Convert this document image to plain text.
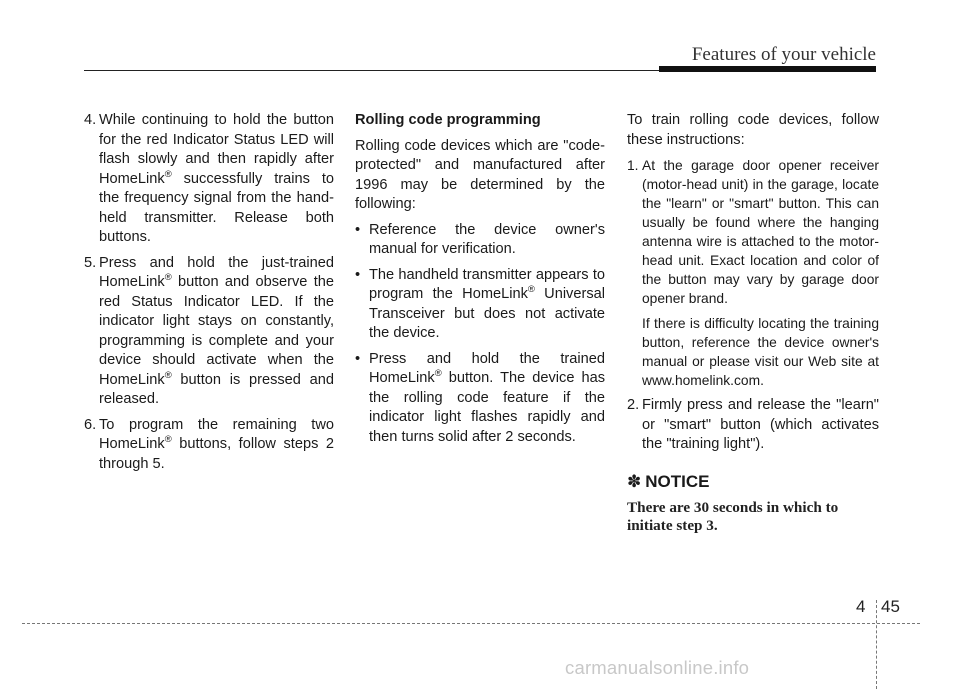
Features of your vehicle
4. While continuing to hold the button for the red Indicator Status LED will flash slowly and then rapidly after HomeLink® successfully trains to the frequency signal from the hand-held transmitter. Release both buttons.
5. Press and hold the just-trained HomeLink® button and observe the red Status Indicator LED. If the indicator light stays on constantly, programming is complete and your device should activate when the HomeLink® button is pressed and released.
6. To program the remaining two HomeLink® buttons, follow steps 2 through 5.
Rolling code programming
Rolling code devices which are "code-protected" and manufactured after 1996 may be determined by the following:
• Reference the device owner's manual for verification.
• The handheld transmitter appears to program the HomeLink® Universal Transceiver but does not activate the device.
• Press and hold the trained HomeLink® button. The device has the rolling code feature if the indicator light flashes rapidly and then turns solid after 2 seconds.
To train rolling code devices, follow these instructions:
1. At the garage door opener receiver (motor-head unit) in the garage, locate the "learn" or "smart" button. This can usually be found where the hanging antenna wire is attached to the motor-head unit. Exact location and color of the button may vary by garage door opener brand.
If there is difficulty locating the training button, reference the device owner's manual or please visit our Web site at www.homelink.com.
2. Firmly press and release the "learn" or "smart" button (which activates the "training light").
✽ NOTICE
There are 30 seconds in which to initiate step 3.
4 45
carmanualsonline.info
